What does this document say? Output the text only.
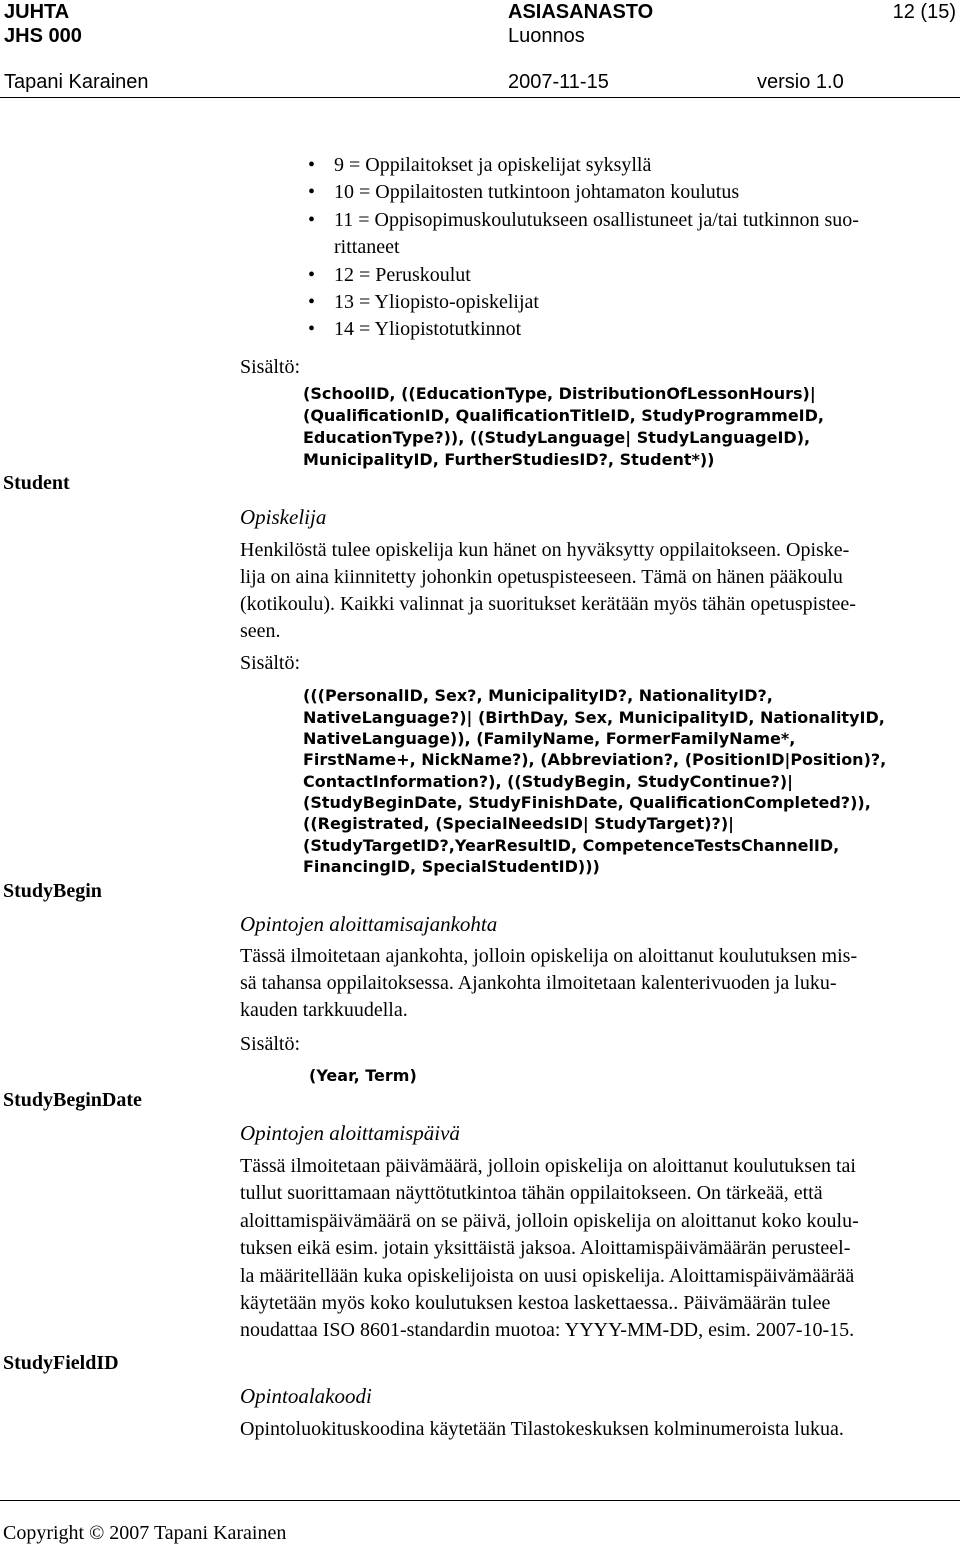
JUHTA
JHS 000
ASIASANASTO
Luonnos
12 (15)
Tapani Karainen	2007-11-15	versio 1.0
Student
StudyBegin
StudyBeginDate
StudyFieldID
• 9 = Oppilaitokset ja opiskelijat syksyllä
• 10 = Oppilaitosten tutkintoon johtamaton koulutus
• 11 = Oppisopimuskoulutukseen osallistuneet ja/tai tutkinnon suo-
rittaneet
• 12 = Peruskoulut
• 13 = Yliopisto-opiskelijat
• 14 = Yliopistotutkinnot
Sisältö:
(SchoolID, ((EducationType, DistributionOfLessonHours)|
(QualificationID, QualificationTitleID, StudyProgrammeID,
EducationType?)), ((StudyLanguage| StudyLanguageID),
MunicipalityID, FurtherStudiesID?, Student*))
Opiskelija
Henkilöstä tulee opiskelija kun hänet on hyväksytty oppilaitokseen. Opiske-
lija on aina kiinnitetty johonkin opetuspisteeseen. Tämä on hänen pääkoulu
(kotikoulu). Kaikki valinnat ja suoritukset kerätään myös tähän opetuspistee-
seen.
Sisältö:
(((PersonalID, Sex?, MunicipalityID?, NationalityID?,
NativeLanguage?)| (BirthDay, Sex, MunicipalityID, NationalityID,
NativeLanguage)), (FamilyName, FormerFamilyName*,
FirstName+, NickName?), (Abbreviation?, (PositionID|Position)?,
ContactInformation?), ((StudyBegin, StudyContinue?)|
(StudyBeginDate, StudyFinishDate, QualificationCompleted?)),
((Registrated, (SpecialNeedsID| StudyTarget)?)|
(StudyTargetID?,YearResultID, CompetenceTestsChannelID,
FinancingID, SpecialStudentID)))
Opintojen aloittamisajankohta
Tässä ilmoitetaan ajankohta, jolloin opiskelija on aloittanut koulutuksen mis-
sä tahansa oppilaitoksessa. Ajankohta ilmoitetaan kalenterivuoden ja luku-
kauden tarkkuudella.
Sisältö:
(Year, Term)
Opintojen aloittamispäivä
Tässä ilmoitetaan päivämäärä, jolloin opiskelija on aloittanut koulutuksen tai
tullut suorittamaan näyttötutkintoa tähän oppilaitokseen. On tärkeää, että
aloittamispäivämäärä on se päivä, jolloin opiskelija on aloittanut koko koulu-
tuksen eikä esim. jotain yksittäistä jaksoa. Aloittamispäivämäärän perusteel-
la määritellään kuka opiskelijoista on uusi opiskelija. Aloittamispäivämäärää
käytetään myös koko koulutuksen kestoa laskettaessa.. Päivämäärän tulee
noudattaa ISO 8601-standardin muotoa: YYYY-MM-DD, esim. 2007-10-15.
Opintoalakoodi
Opintoluokituskoodina käytetään Tilastokeskuksen kolminumeroista lukua.
Copyright © 2007 Tapani Karainen
